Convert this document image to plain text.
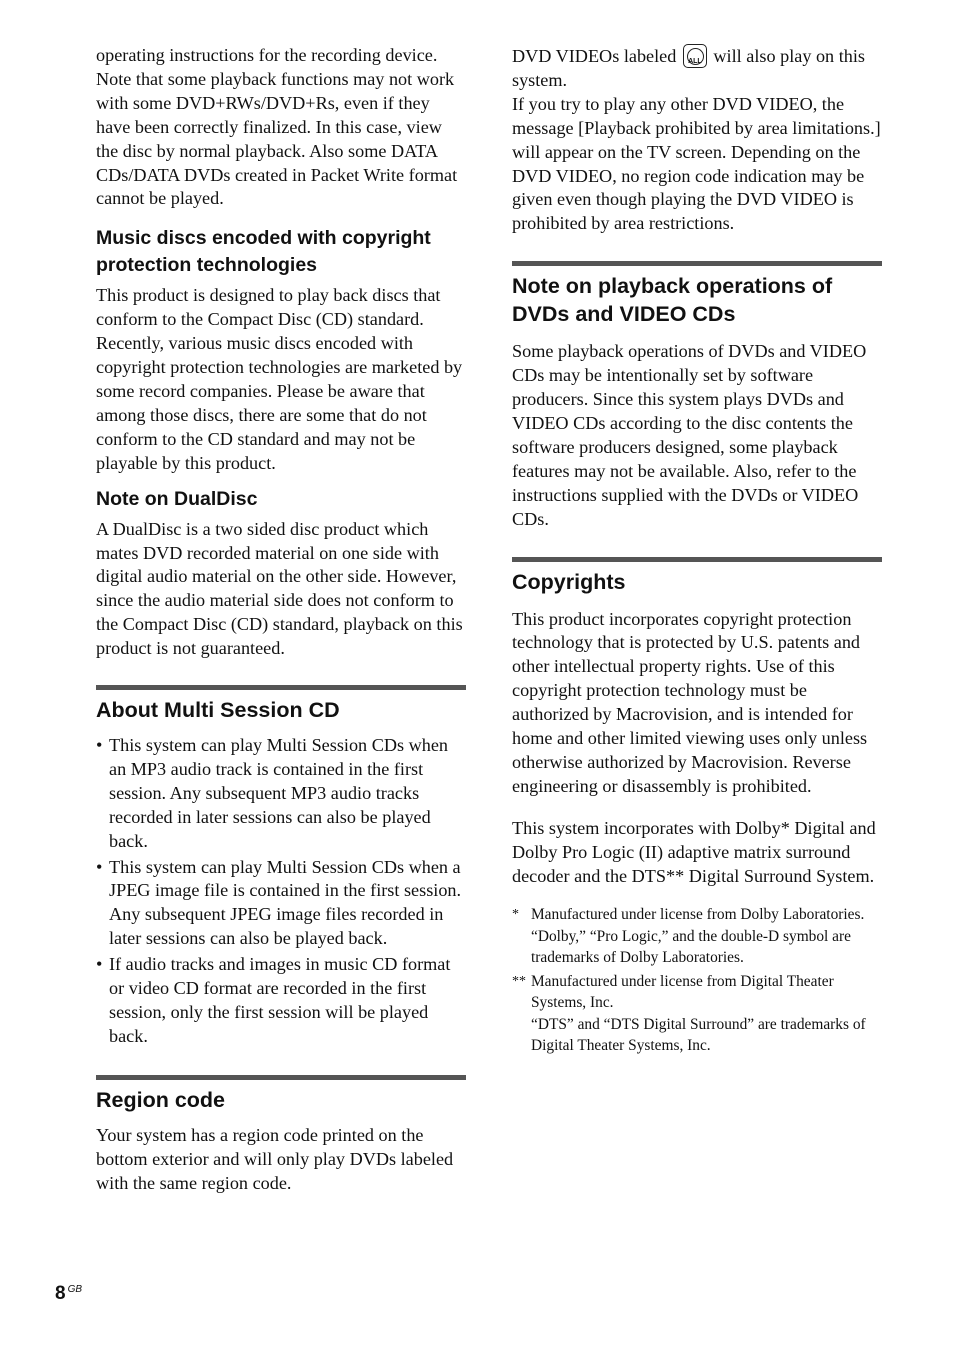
operating instructions for the recording device. Note that some playback functions may not work with some DVD+RWs/DVD+Rs, even if they have been correctly finalized. In this case, view the disc by normal playback. Also some DATA CDs/DATA DVDs created in Packet Write format cannot be played.

Music discs encoded with copyright protection technologies

This product is designed to play back discs that conform to the Compact Disc (CD) standard. Recently, various music discs encoded with copyright protection technologies are marketed by some record companies. Please be aware that among those discs, there are some that do not conform to the CD standard and may not be playable by this product.

Note on DualDisc

A DualDisc is a two sided disc product which mates DVD recorded material on one side with digital audio material on the other side. However, since the audio material side does not conform to the Compact Disc (CD) standard, playback on this product is not guaranteed.

About Multi Session CD
• This system can play Multi Session CDs when an MP3 audio track is contained in the first session. Any subsequent MP3 audio tracks recorded in later sessions can also be played back.
• This system can play Multi Session CDs when a JPEG image file is contained in the first session. Any subsequent JPEG image files recorded in later sessions can also be played back.
• If audio tracks and images in music CD format or video CD format are recorded in the first session, only the first session will be played back.
Region code

Your system has a region code printed on the bottom exterior and will only play DVDs labeled with the same region code.

DVD VIDEOs labeled	ALL will also play on this system.

If you try to play any other DVD VIDEO, the message [Playback prohibited by area limitations.] will appear on the TV screen. Depending on the DVD VIDEO, no region code indication may be given even though playing the DVD VIDEO is prohibited by area restrictions.

Note on playback operations of DVDs and VIDEO CDs

Some playback operations of DVDs and VIDEO CDs may be intentionally set by software producers. Since this system plays DVDs and VIDEO CDs according to the disc contents the software producers designed, some playback features may not be available. Also, refer to the instructions supplied with the DVDs or VIDEO CDs.

Copyrights

This product incorporates copyright protection technology that is protected by U.S. patents and other intellectual property rights. Use of this copyright protection technology must be authorized by Macrovision, and is intended for home and other limited viewing uses only unless otherwise authorized by Macrovision. Reverse engineering or disassembly is prohibited.

This system incorporates with Dolby* Digital and Dolby Pro Logic (II) adaptive matrix surround decoder and the DTS** Digital Surround System.

* Manufactured under license from Dolby Laboratories.
“Dolby,” “Pro Logic,” and the double-D symbol are trademarks of Dolby Laboratories.
** Manufactured under license from Digital Theater Systems, Inc.
“DTS” and “DTS Digital Surround” are trademarks of Digital Theater Systems, Inc.
8 $^{GB}$
